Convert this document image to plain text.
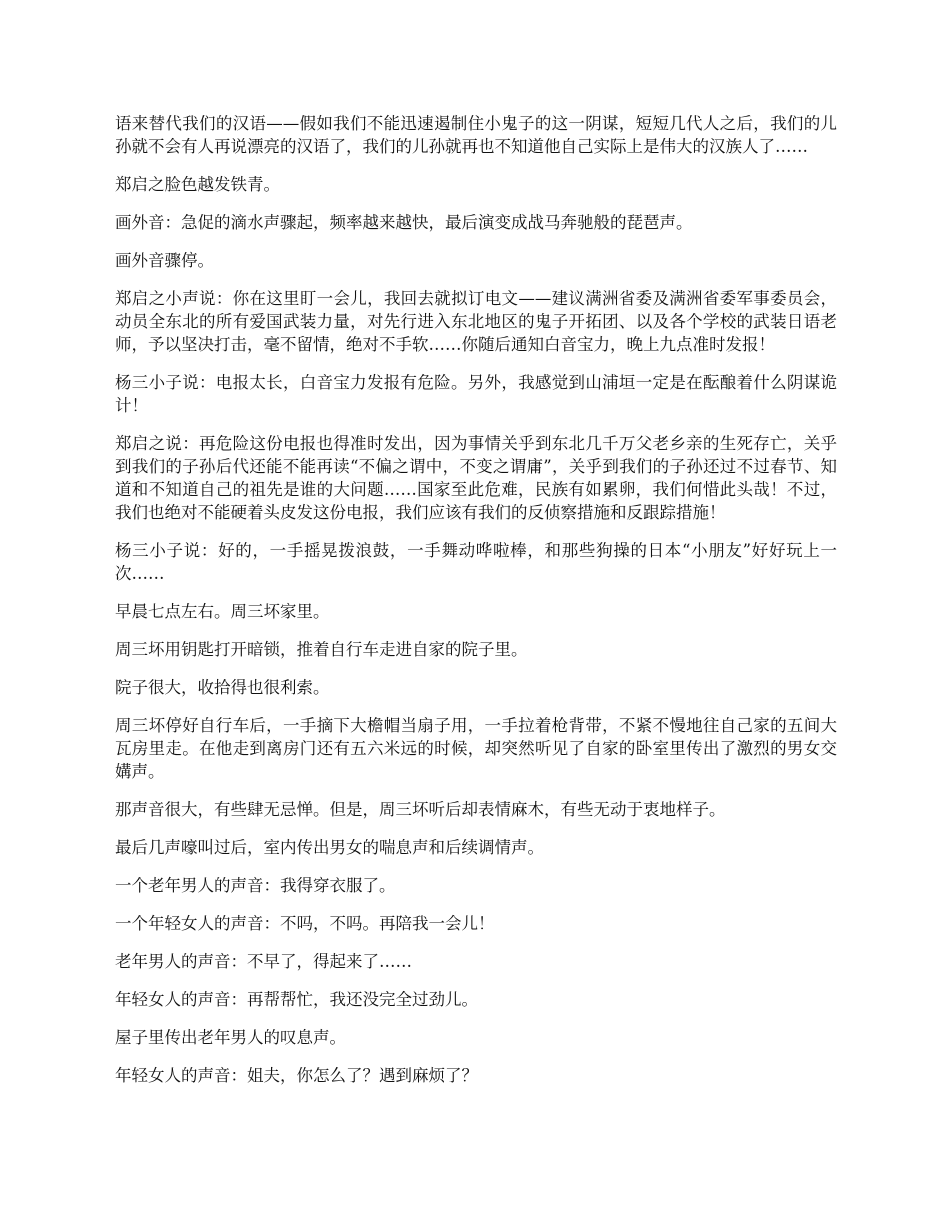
语来替代我们的汉语——假如我们不能迅速遏制住小鬼子的这一阴谋，短短几代人之后，我们的儿孙就不会有人再说漂亮的汉语了，我们的儿孙就再也不知道他自己实际上是伟大的汉族人了……

郑启之脸色越发铁青。

画外音：急促的滴水声骤起，频率越来越快，最后演变成战马奔驰般的琵琶声。

画外音骤停。

郑启之小声说：你在这里盯一会儿，我回去就拟订电文——建议满洲省委及满洲省委军事委员会，动员全东北的所有爱国武装力量，对先行进入东北地区的鬼子开拓团、以及各个学校的武装日语老师，予以坚决打击，毫不留情，绝对不手软……你随后通知白音宝力，晚上九点准时发报！

杨三小子说：电报太长，白音宝力发报有危险。另外，我感觉到山浦垣一定是在酝酿着什么阴谋诡计！

郑启之说：再危险这份电报也得准时发出，因为事情关乎到东北几千万父老乡亲的生死存亡，关乎到我们的子孙后代还能不能再读“不偏之谓中，不变之谓庸”，关乎到我们的子孙还过不过春节、知道和不知道自己的祖先是谁的大问题……国家至此危难，民族有如累卵，我们何惜此头哉！不过，我们也绝对不能硬着头皮发这份电报，我们应该有我们的反侦察措施和反跟踪措施！

杨三小子说：好的，一手摇晃拨浪鼓，一手舞动哗啦棒，和那些狗操的日本“小朋友”好好玩上一次……

早晨七点左右。周三坏家里。

周三坏用钥匙打开暗锁，推着自行车走进自家的院子里。

院子很大，收拾得也很利索。

周三坏停好自行车后，一手摘下大檐帽当扇子用，一手拉着枪背带，不紧不慢地往自己家的五间大瓦房里走。在他走到离房门还有五六米远的时候，却突然听见了自家的卧室里传出了激烈的男女交媾声。

那声音很大，有些肆无忌惮。但是，周三坏听后却表情麻木，有些无动于衷地样子。

最后几声嚎叫过后，室内传出男女的喘息声和后续调情声。

一个老年男人的声音：我得穿衣服了。

一个年轻女人的声音：不吗，不吗。再陪我一会儿！

老年男人的声音：不早了，得起来了……

年轻女人的声音：再帮帮忙，我还没完全过劲儿。

屋子里传出老年男人的叹息声。

年轻女人的声音：姐夫，你怎么了？遇到麻烦了？
